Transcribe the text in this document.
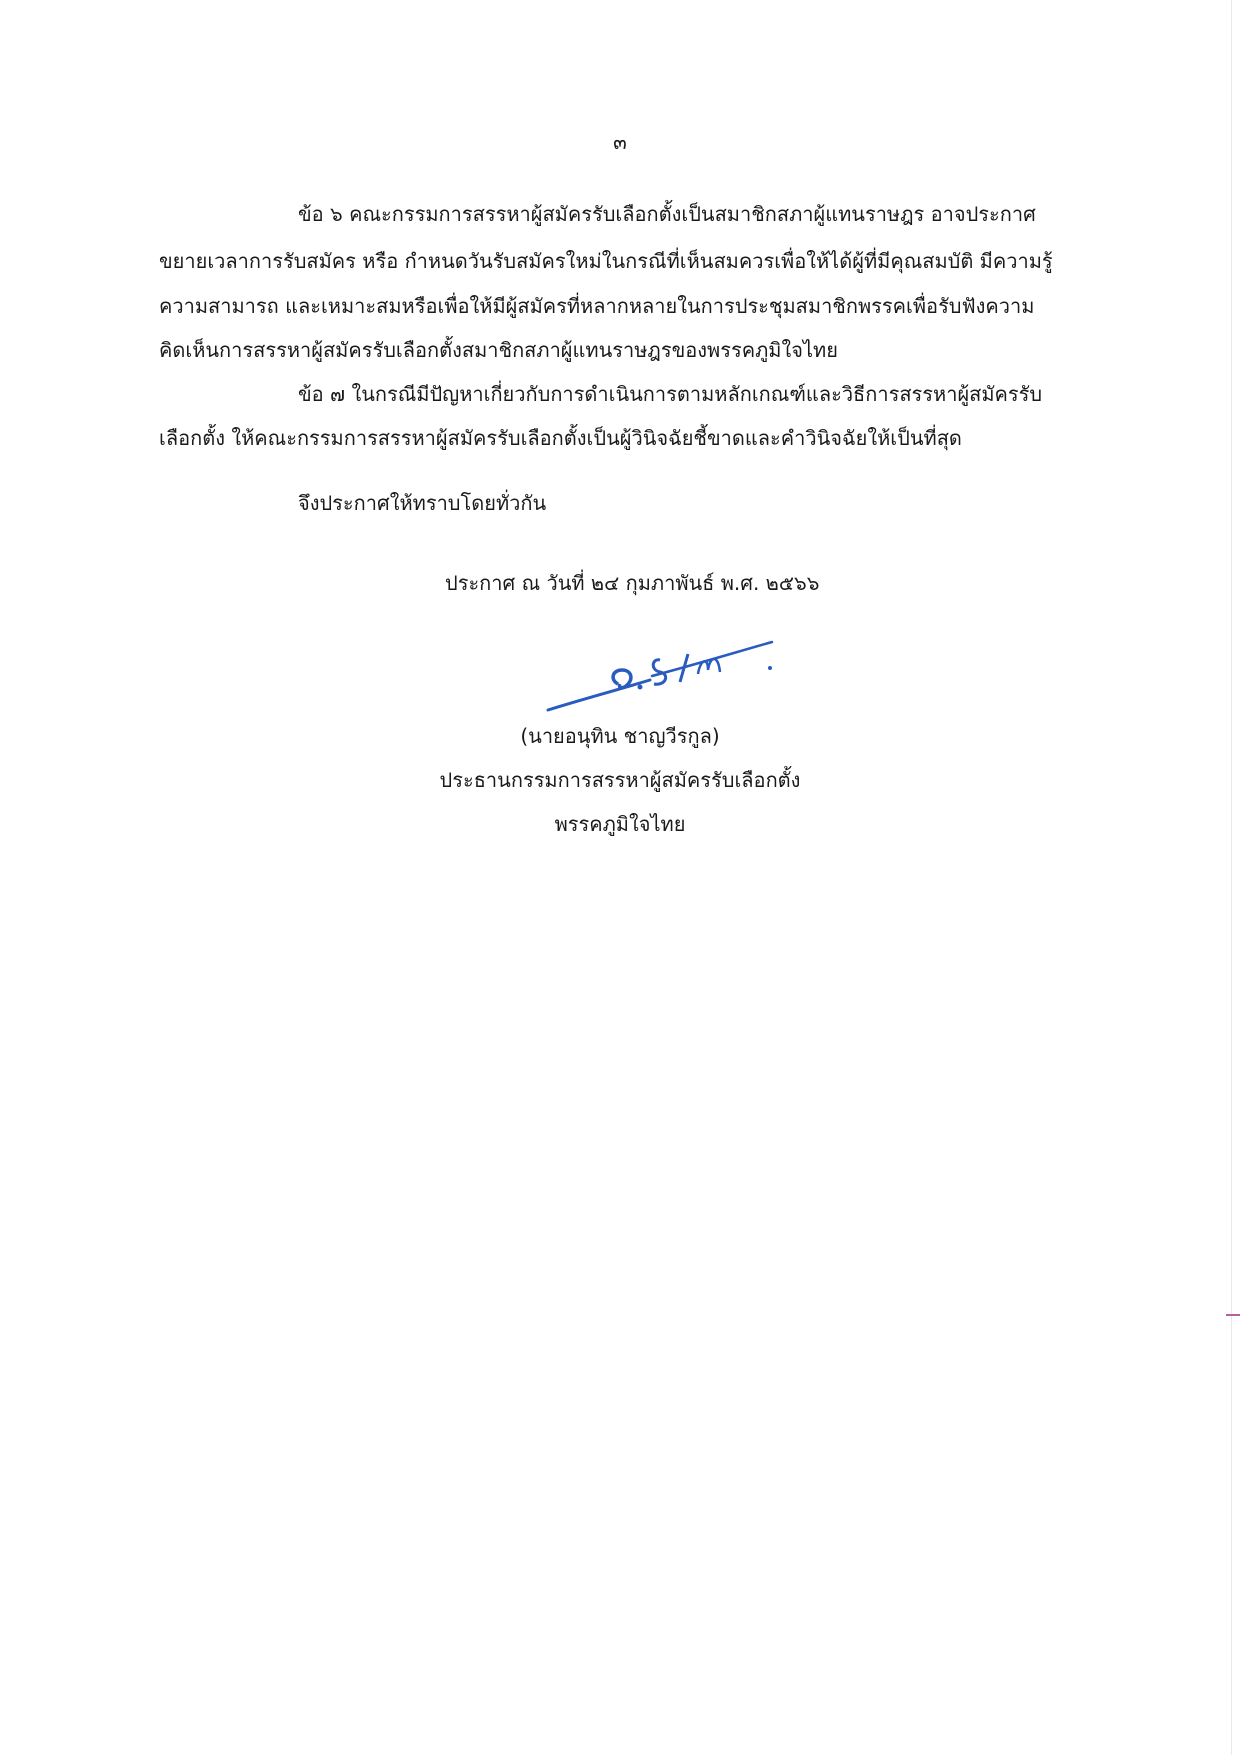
๓
ข้อ ๖ คณะกรรมการสรรหาผู้สมัครรับเลือกตั้งเป็นสมาชิกสภาผู้แทนราษฎร อาจประกาศ
ขยายเวลาการรับสมัคร หรือ กำหนดวันรับสมัครใหม่ในกรณีที่เห็นสมควรเพื่อให้ได้ผู้ที่มีคุณสมบัติ มีความรู้
ความสามารถ และเหมาะสมหรือเพื่อให้มีผู้สมัครที่หลากหลายในการประชุมสมาชิกพรรคเพื่อรับฟังความ
คิดเห็นการสรรหาผู้สมัครรับเลือกตั้งสมาชิกสภาผู้แทนราษฎรของพรรคภูมิใจไทย
ข้อ ๗ ในกรณีมีปัญหาเกี่ยวกับการดำเนินการตามหลักเกณฑ์และวิธีการสรรหาผู้สมัครรับ
เลือกตั้ง ให้คณะกรรมการสรรหาผู้สมัครรับเลือกตั้งเป็นผู้วินิจฉัยชี้ขาดและคำวินิจฉัยให้เป็นที่สุด
จึงประกาศให้ทราบโดยทั่วกัน
ประกาศ ณ วันที่ ๒๔ กุมภาพันธ์ พ.ศ. ๒๕๖๖
(นายอนุทิน ชาญวีรกูล)
ประธานกรรมการสรรหาผู้สมัครรับเลือกตั้ง
พรรคภูมิใจไทย
